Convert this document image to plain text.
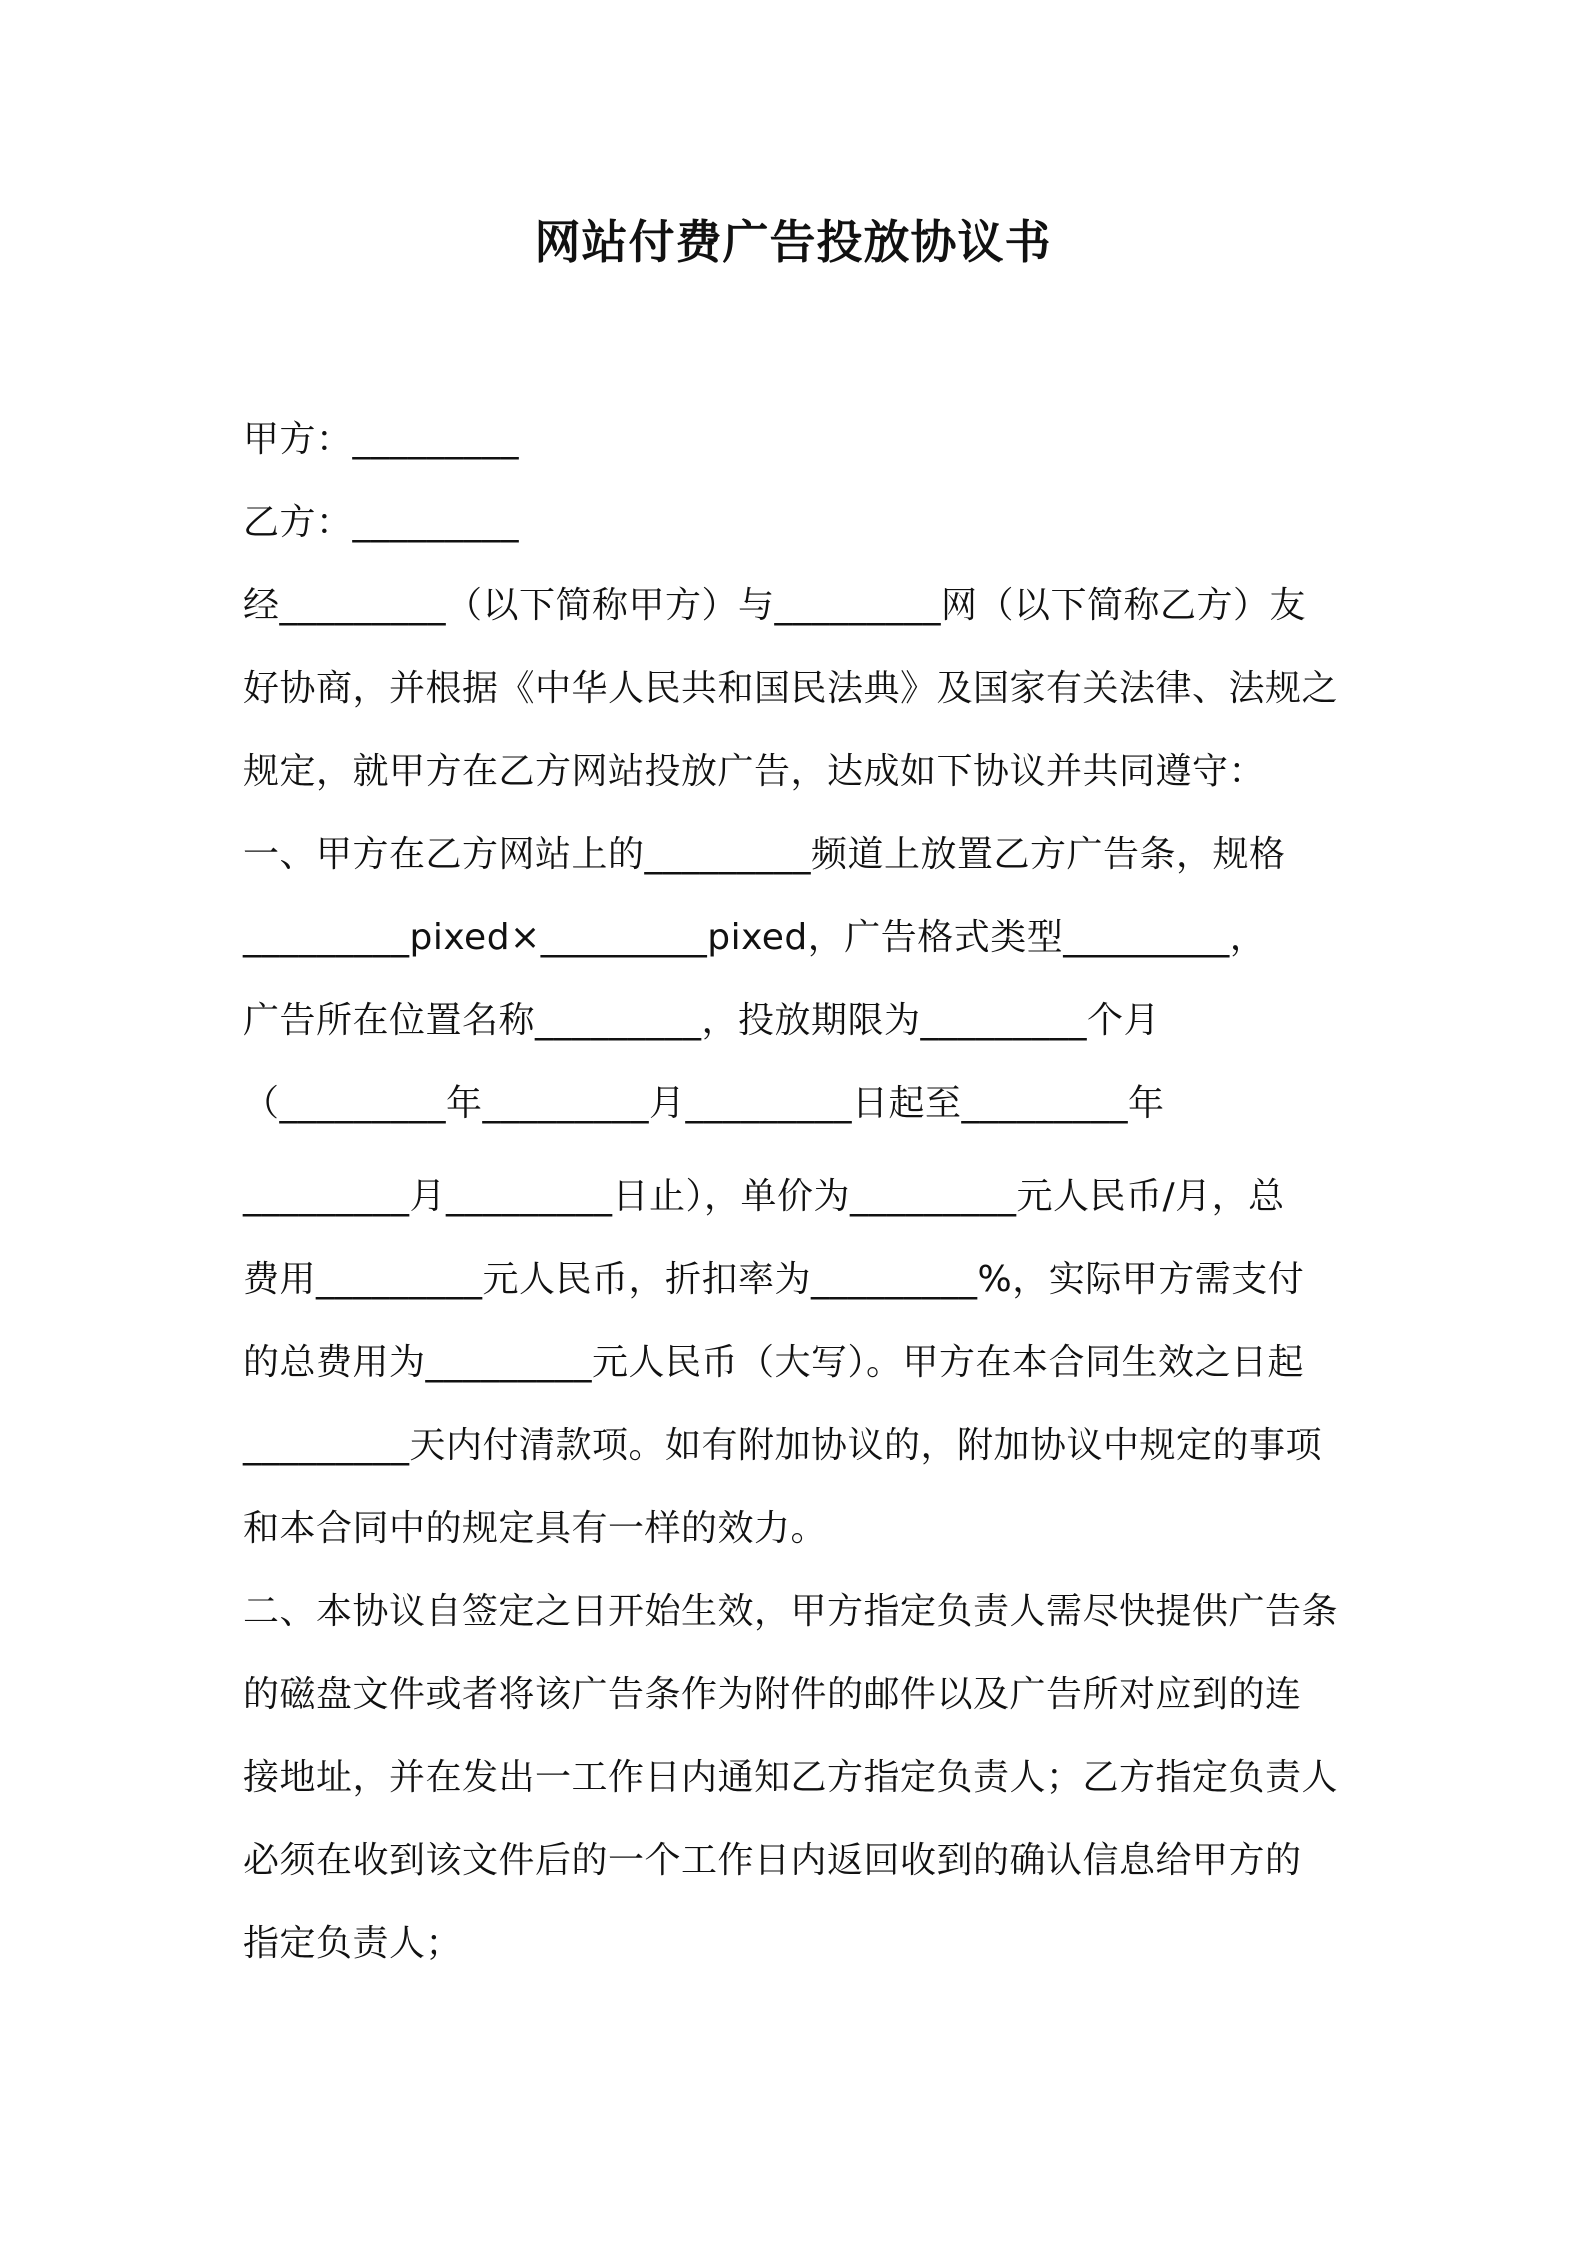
网站付费广告投放协议书

甲方：_________

乙方：_________

经_________（以下简称甲方）与_________网（以下简称乙方）友

好协商，并根据《中华人民共和国民法典》及国家有关法律、法规之

规定，就甲方在乙方网站投放广告，达成如下协议并共同遵守：

一、甲方在乙方网站上的_________频道上放置乙方广告条，规格

_________pixed×_________pixed，广告格式类型_________，

广告所在位置名称_________，投放期限为_________个月

（_________年_________月_________日起至_________年

_________月_________日止），单价为_________元人民币/月，总

费用_________元人民币，折扣率为_________%，实际甲方需支付

的总费用为_________元人民币（大写）。甲方在本合同生效之日起

_________天内付清款项。如有附加协议的，附加协议中规定的事项

和本合同中的规定具有一样的效力。

二、本协议自签定之日开始生效，甲方指定负责人需尽快提供广告条

的磁盘文件或者将该广告条作为附件的邮件以及广告所对应到的连

接地址，并在发出一工作日内通知乙方指定负责人；乙方指定负责人

必须在收到该文件后的一个工作日内返回收到的确认信息给甲方的

指定负责人；
